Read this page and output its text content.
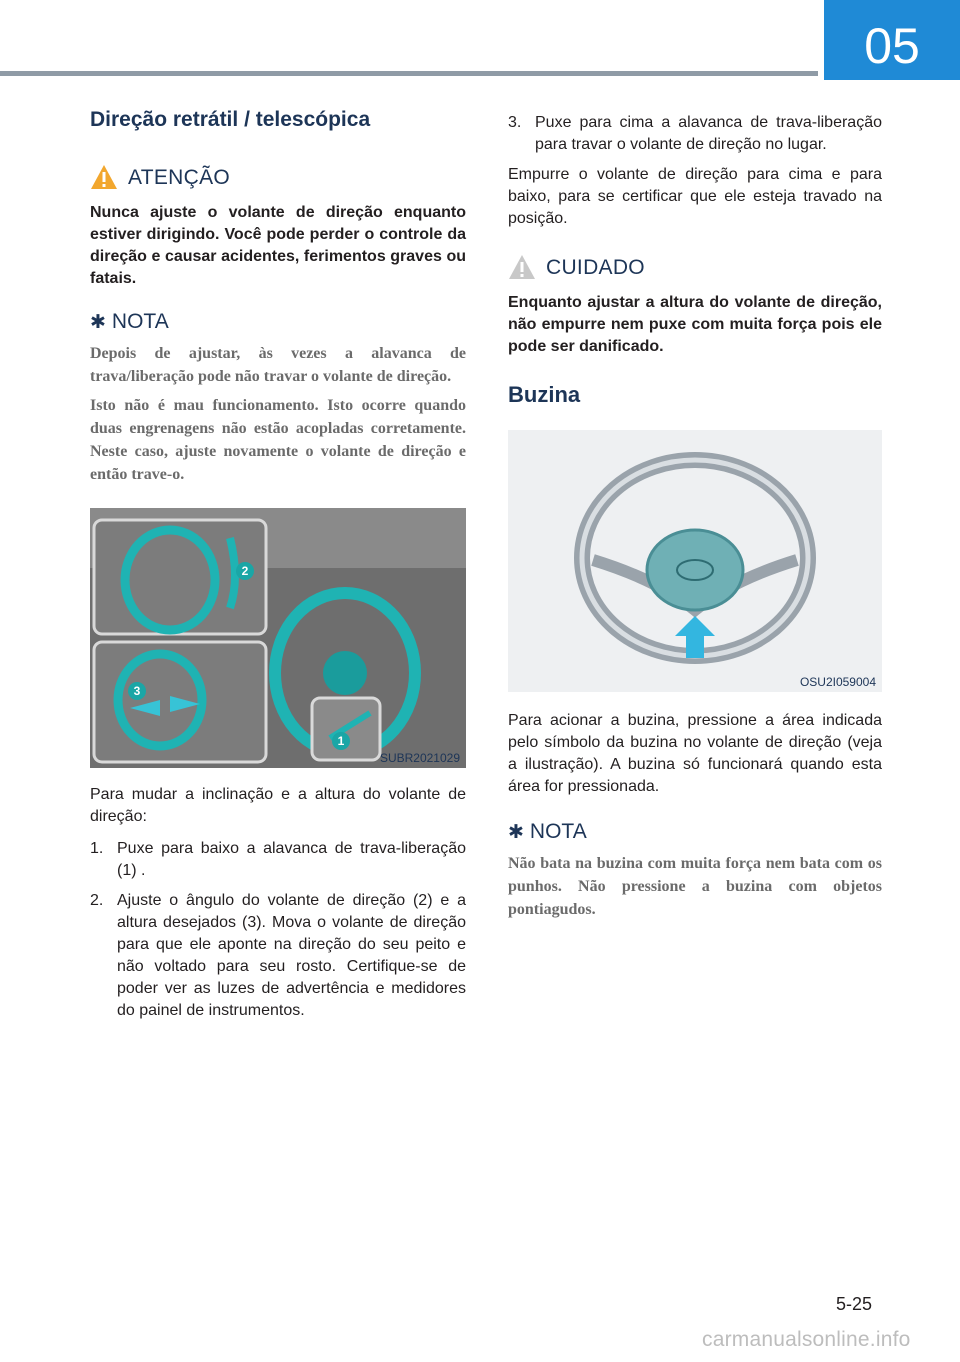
05
Direção retrátil / telescópica
ATENÇÃO

Nunca ajuste o volante de direção enquanto estiver dirigindo. Você pode perder o controle da direção e causar acidentes, ferimentos graves ou fatais.

✱ NOTA

Depois de ajustar, às vezes a alavanca de trava/liberação pode não travar o volante de direção.

Isto não é mau funcionamento. Isto ocorre quando duas engrenagens não estão acopladas corretamente. Neste caso, ajuste novamente o volante de direção e então trave-o.

2
3
1
SUBR2021029

Para mudar a inclinação e a altura do volante de direção:

1. Puxe para baixo a alavanca de trava-liberação (1) .
2. Ajuste o ângulo do volante de direção (2) e a altura desejados (3). Mova o volante de direção para que ele aponte na direção do seu peito e não voltado para seu rosto. Certifique-se de poder ver as luzes de advertência e medidores do painel de instrumentos.
3. Puxe para cima a alavanca de trava-liberação para travar o volante de direção no lugar.

Empurre o volante de direção para cima e para baixo, para se certificar que ele esteja travado na posição.

CUIDADO

Enquanto ajustar a altura do volante de direção, não empurre nem puxe com muita força pois ele pode ser danificado.

Buzina
OSU2I059004

Para acionar a buzina, pressione a área indicada pelo símbolo da buzina no volante de direção (veja a ilustração). A buzina só funcionará quando esta área for pressionada.

✱ NOTA

Não bata na buzina com muita força nem bata com os punhos. Não pressione a buzina com objetos pontiagudos.

5-25
carmanualsonline.info
